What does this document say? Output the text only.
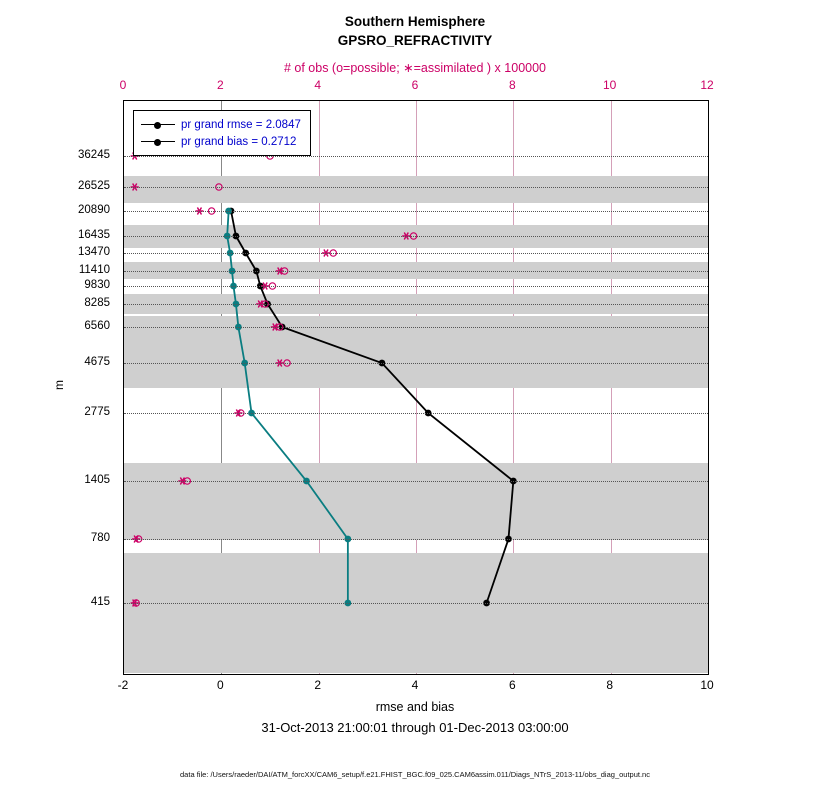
Southern Hemisphere
GPSRO_REFRACTIVITY
# of obs (o=possible; ∗=assimilated ) x 100000
415
780
1405
2775
4675
6560
8285
9830
11410
13470
16435
20890
26525
36245
0	2	4	6	8	10	12
-2	0	2	4	6	8	10
m
rmse and bias
31-Oct-2013 21:00:01 through 01-Dec-2013 03:00:00
data file: /Users/raeder/DAI/ATM_forcXX/CAM6_setup/f.e21.FHIST_BGC.f09_025.CAM6assim.011/Diags_NTrS_2013-11/obs_diag_output.nc
pr grand rmse = 2.0847
pr grand bias = 0.2712
